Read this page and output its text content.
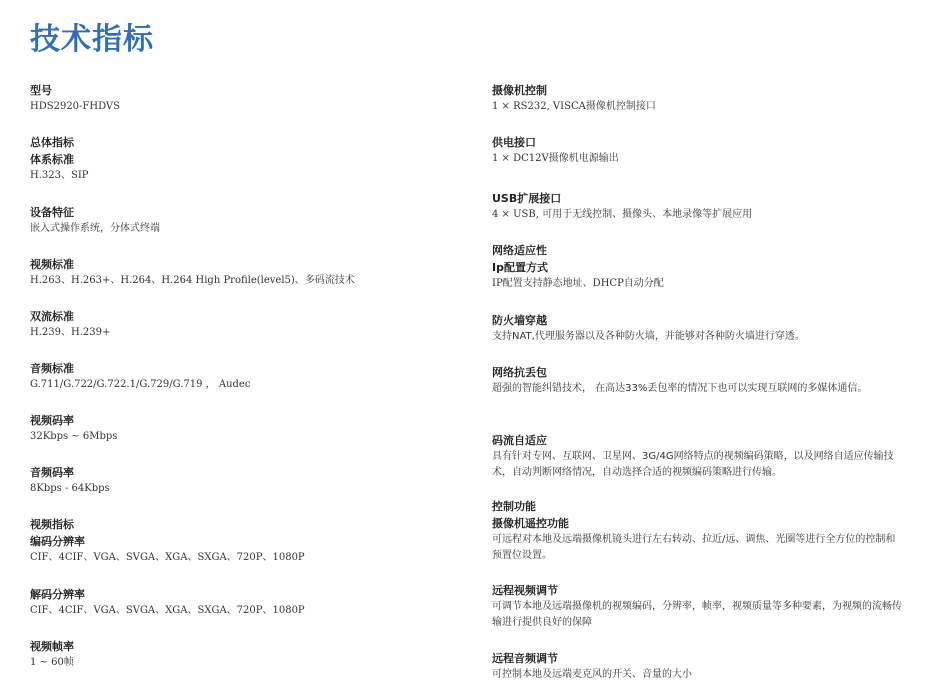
技术指标
型号
HDS2920-FHDVS
总体指标
体系标准
H.323、SIP
设备特征
嵌入式操作系统，分体式终端
视频标准
H.263、H.263+、H.264、H.264 High Profile(level5)、多码流技术
双流标准
H.239、H.239+
音频标准
G.711/G.722/G.722.1/G.729/G.719 ， Audec
视频码率
32Kbps ~ 6Mbps
音频码率
8Kbps - 64Kbps
视频指标
编码分辨率
CIF、4CIF、VGA、SVGA、XGA、SXGA、720P、1080P
解码分辨率
CIF、4CIF、VGA、SVGA、XGA、SXGA、720P、1080P
视频帧率
1 ~ 60帧
摄像机控制
1 × RS232, VISCA摄像机控制接口
供电接口
1 × DC12V摄像机电源输出
USB扩展接口
4 × USB, 可用于无线控制、摄像头、本地录像等扩展应用
网络适应性
Ip配置方式
IP配置支持静态地址、DHCP自动分配
防火墙穿越
支持NAT,代理服务器以及各种防火墙，并能够对各种防火墙进行穿透。
网络抗丢包
超强的智能纠错技术， 在高达33%丢包率的情况下也可以实现互联网的多媒体通信。
码流自适应
具有针对专网、互联网、卫星网、3G/4G网络特点的视频编码策略，以及网络自适应传输技术，自动判断网络情况，自动选择合适的视频编码策略进行传输。
控制功能
摄像机遥控功能
可远程对本地及远端摄像机镜头进行左右转动、拉近/远、调焦、光圈等进行全方位的控制和预置位设置。
远程视频调节
可调节本地及远端摄像机的视频编码，分辨率，帧率，视频质量等多种要素，为视频的流畅传输进行提供良好的保障
远程音频调节
可控制本地及远端麦克风的开关、音量的大小
